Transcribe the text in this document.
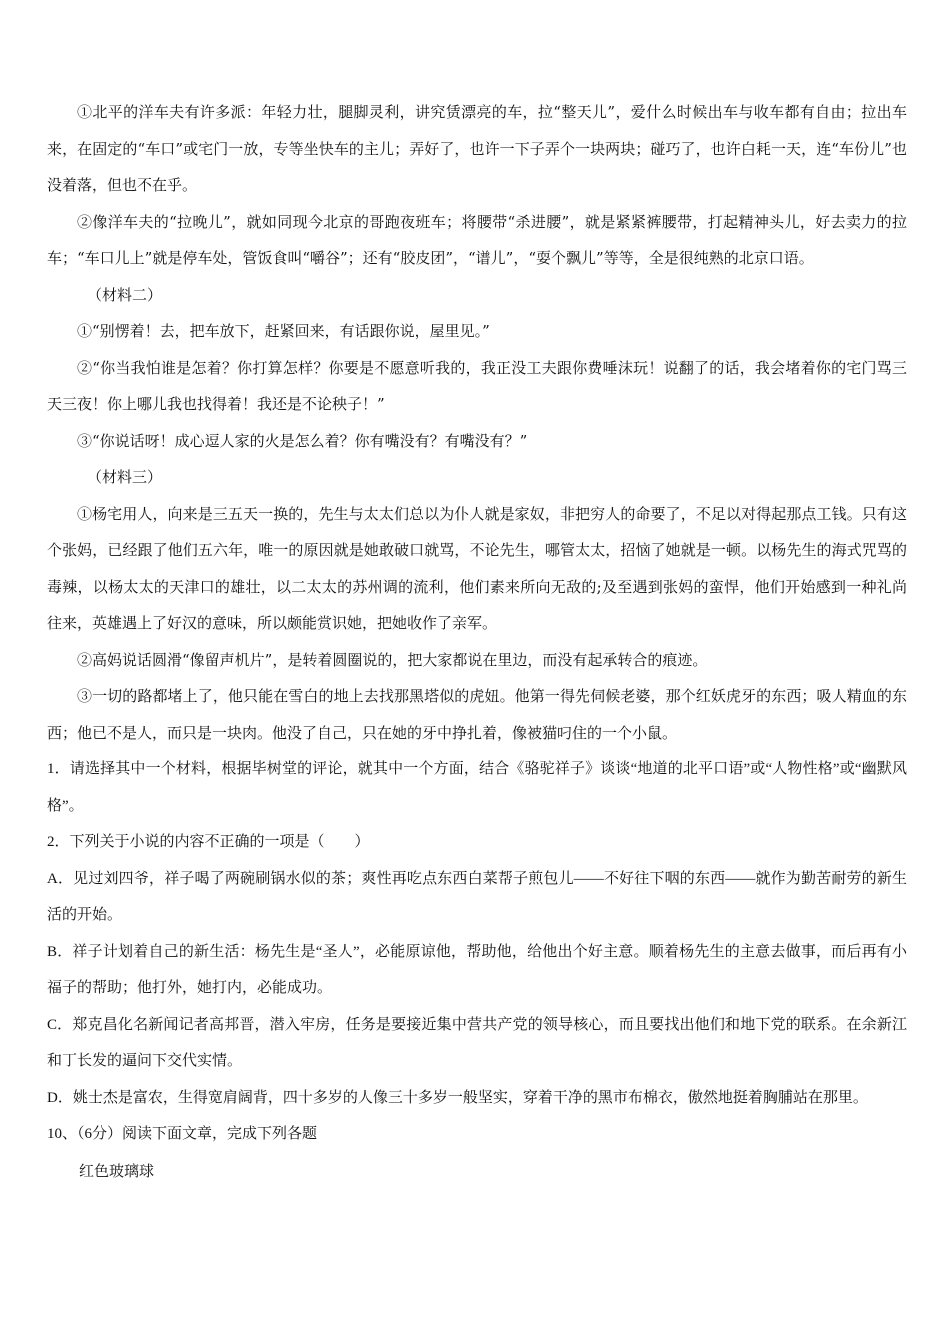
①北平的洋车夫有许多派：年轻力壮，腿脚灵利，讲究赁漂亮的车，拉“整天儿”，爱什么时候出车与收车都有自由；拉出车来，在固定的“车口”或宅门一放，专等坐快车的主儿；弄好了，也许一下子弄个一块两块；碰巧了，也许白耗一天，连“车份儿”也没着落，但也不在乎。

②像洋车夫的“拉晚儿”，就如同现今北京的哥跑夜班车；将腰带“杀进腰”，就是紧紧裤腰带，打起精神头儿，好去卖力的拉车；“车口儿上”就是停车处，管饭食叫“嚼谷”；还有“胶皮团”，“谱儿”，“耍个飘儿”等等，全是很纯熟的北京口语。

（材料二）

①“别愣着！去，把车放下，赶紧回来，有话跟你说，屋里见。”

②“你当我怕谁是怎着？你打算怎样？你要是不愿意听我的，我正没工夫跟你费唾沫玩！说翻了的话，我会堵着你的宅门骂三天三夜！你上哪儿我也找得着！我还是不论秧子！”

③“你说话呀！成心逗人家的火是怎么着？你有嘴没有？有嘴没有？”

（材料三）

①杨宅用人，向来是三五天一换的，先生与太太们总以为仆人就是家奴，非把穷人的命要了，不足以对得起那点工钱。只有这个张妈，已经跟了他们五六年，唯一的原因就是她敢破口就骂，不论先生，哪管太太，招恼了她就是一顿。以杨先生的海式咒骂的毒辣，以杨太太的天津口的雄壮，以二太太的苏州调的流利，他们素来所向无敌的;及至遇到张妈的蛮悍，他们开始感到一种礼尚往来，英雄遇上了好汉的意味，所以颇能赏识她，把她收作了亲军。

②高妈说话圆滑“像留声机片”，是转着圆圈说的，把大家都说在里边，而没有起承转合的痕迹。

③一切的路都堵上了，他只能在雪白的地上去找那黑塔似的虎妞。他第一得先伺候老婆，那个红妖虎牙的东西；吸人精血的东西；他已不是人，而只是一块肉。他没了自己，只在她的牙中挣扎着，像被猫叼住的一个小鼠。

1．请选择其中一个材料，根据毕树堂的评论，就其中一个方面，结合《骆驼祥子》谈谈“地道的北平口语”或“人物性格”或“幽默风格”。

2．下列关于小说的内容不正确的一项是（　　）

A．见过刘四爷，祥子喝了两碗刷锅水似的茶；爽性再吃点东西白菜帮子煎包儿——不好往下咽的东西——就作为勤苦耐劳的新生活的开始。

B．祥子计划着自己的新生活：杨先生是“圣人”，必能原谅他，帮助他，给他出个好主意。顺着杨先生的主意去做事，而后再有小福子的帮助；他打外，她打内，必能成功。

C．郑克昌化名新闻记者高邦晋，潜入牢房，任务是要接近集中营共产党的领导核心，而且要找出他们和地下党的联系。在余新江和丁长发的逼问下交代实情。

D．姚士杰是富农，生得宽肩阔背，四十多岁的人像三十多岁一般坚实，穿着干净的黑市布棉衣，傲然地挺着胸脯站在那里。

10、（6分）阅读下面文章，完成下列各题

红色玻璃球
